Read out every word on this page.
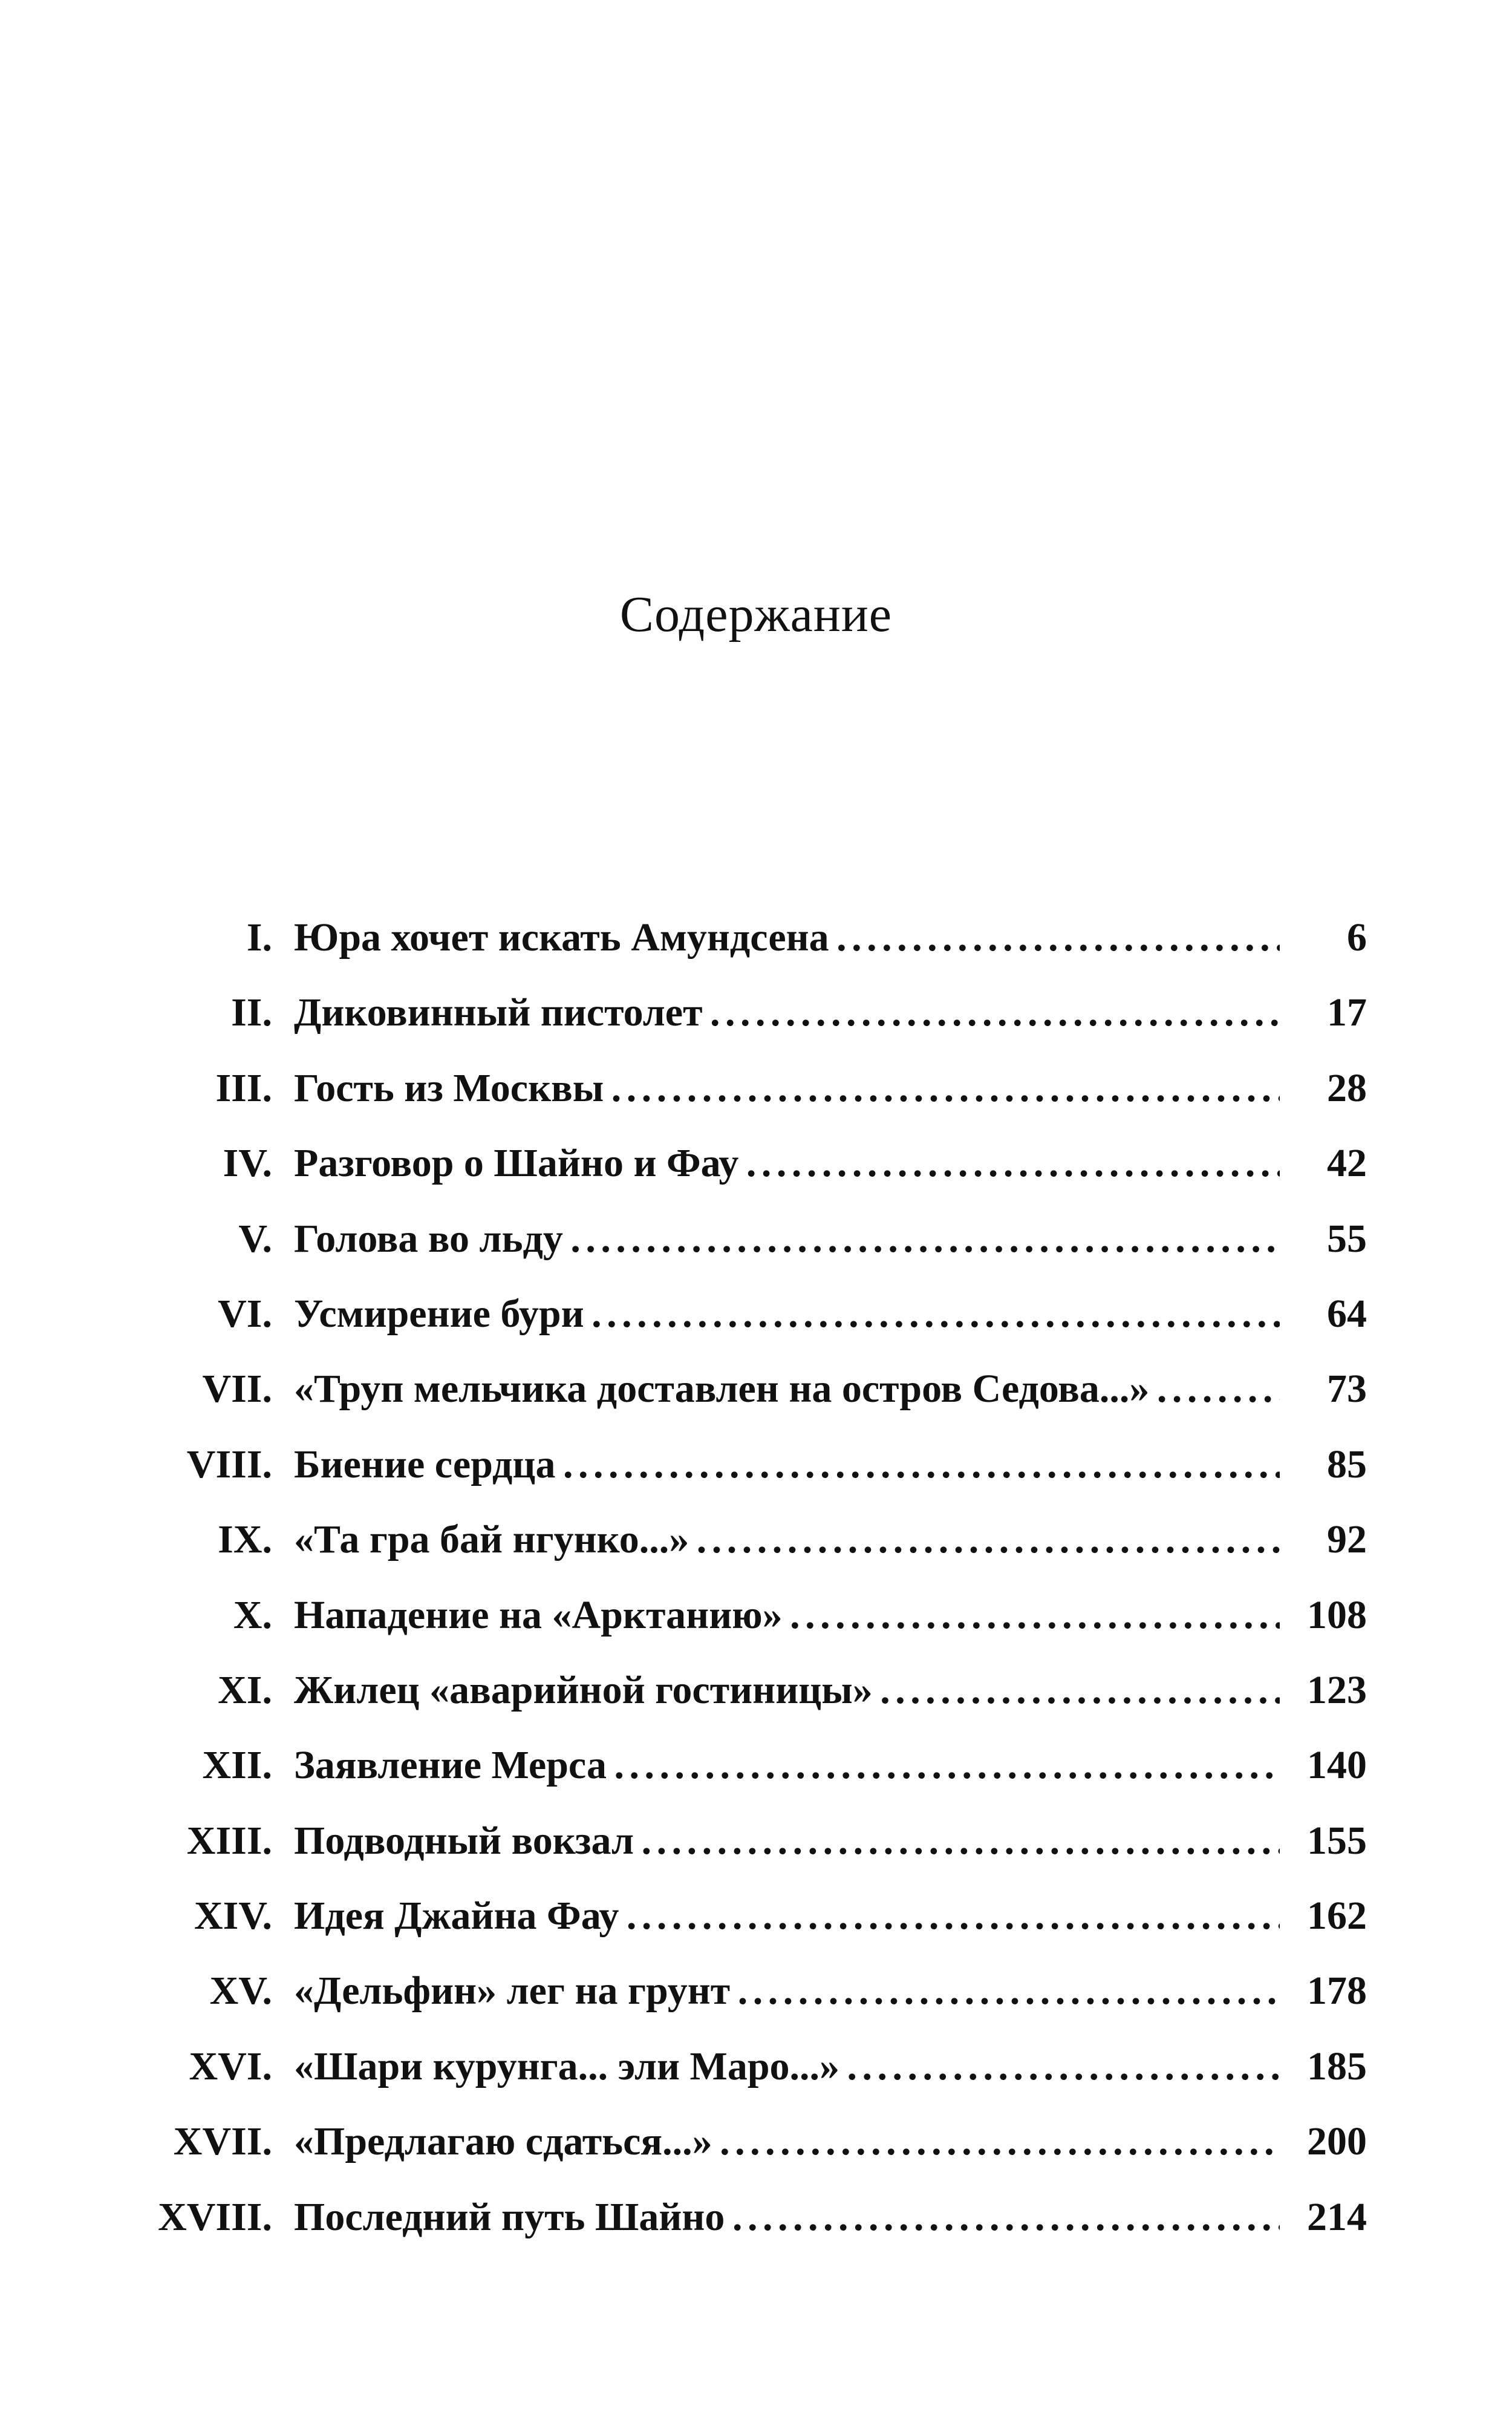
Содержание
I. Юра хочет искать Амундсена . . .	6
II. Диковинный пистолет . . .	17
III. Гость из Москвы . . .	28
IV. Разговор о Шайно и Фау . . .	42
V. Голова во льду . . .	55
VI. Усмирение бури . . .	64
VII. «Труп мельчика доставлен на остров Седова...» . . .	73
VIII. Биение сердца . . .	85
IX. «Та гра бай нгунко...» . . .	92
X. Нападение на «Арктанию» . . .	108
XI. Жилец «аварийной гостиницы» . . .	123
XII. Заявление Мерса . . .	140
XIII. Подводный вокзал . . .	155
XIV. Идея Джайна Фау . . .	162
XV. «Дельфин» лег на грунт . . .	178
XVI. «Шари курунга... эли Маро...» . . .	185
XVII. «Предлагаю сдаться...» . . .	200
XVIII. Последний путь Шайно . . .	214
